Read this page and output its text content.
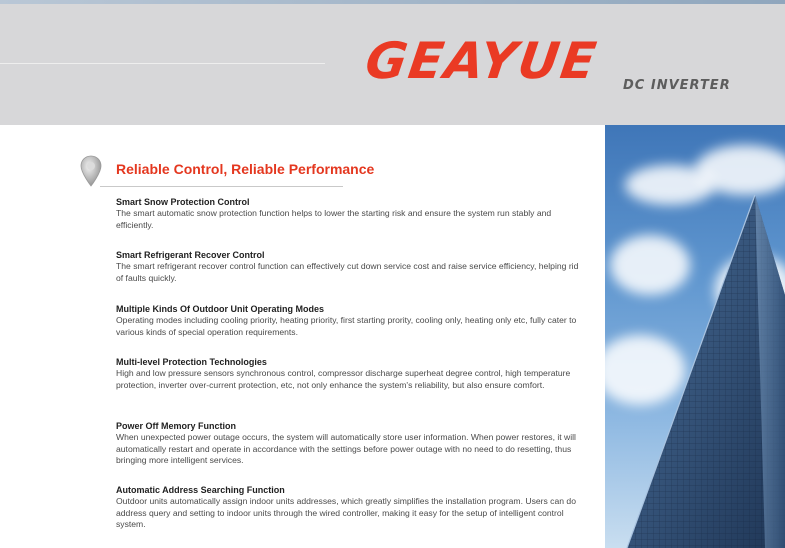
GEAYUE DC INVERTER
Reliable Control, Reliable Performance
Smart Snow Protection Control
The smart automatic snow protection function helps to lower the starting risk and ensure the system run stably and efficiently.
Smart Refrigerant Recover Control
The smart refrigerant recover control function can effectively cut down service cost and raise service efficiency, helping rid of faults quickly.
Multiple Kinds Of Outdoor Unit Operating Modes
Operating modes including cooling priority, heating priority, first starting prority, cooling only, heating only etc, fully cater to various kinds of special operation requirements.
Multi-level Protection Technologies
High and low pressure sensors synchronous control, compressor discharge superheat degree control, high temperature protection, inverter over-current protection, etc, not only enhance the system's reliability, but also ensure comfort.
Power Off Memory Function
When unexpected power outage occurs, the system will automatically store user information. When power restores, it will automatically restart and operate in accordance with the settings before power outage with no need to do resetting, thus bringing more intelligent services.
Automatic Address Searching Function
Outdoor units automatically assign indoor units addresses, which greatly simplifies the installation program. Users can do address query and setting to indoor units through the wired controller, making it easy for the setup of intelligent control system.
